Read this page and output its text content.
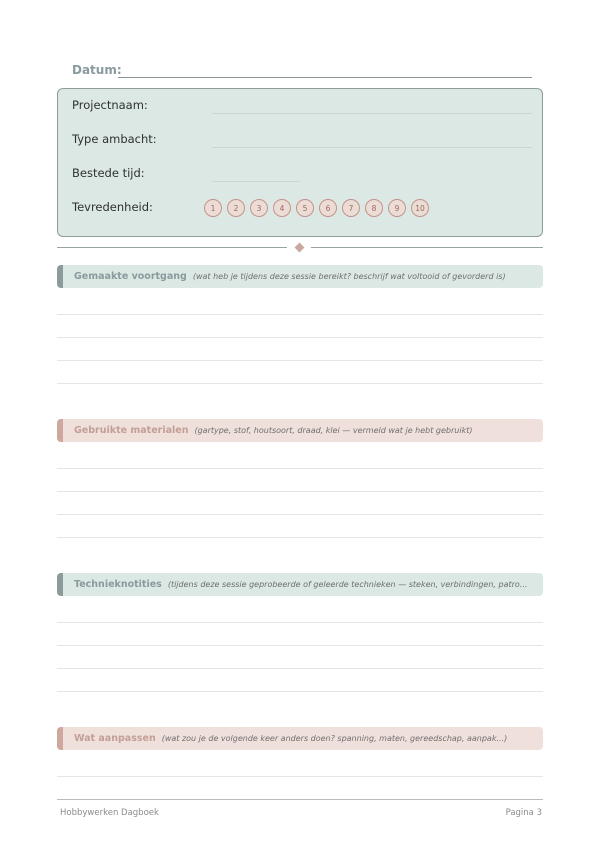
Datum:
Projectnaam:
Type ambacht:
Bestede tijd:
Tevredenheid:	1	2	3	4	5	6	7	8	9	10
Gemaakte voortgang (wat heb je tijdens deze sessie bereikt? beschrijf wat voltooid of gevorderd is)
Gebruikte materialen (gartype, stof, houtsoort, draad, klei — vermeld wat je hebt gebruikt)
Technieknotities (tijdens deze sessie geprobeerde of geleerde technieken — steken, verbindingen, patro...
Wat aanpassen (wat zou je de volgende keer anders doen? spanning, maten, gereedschap, aanpak...)
Hobbywerken Dagboek	Pagina 3
